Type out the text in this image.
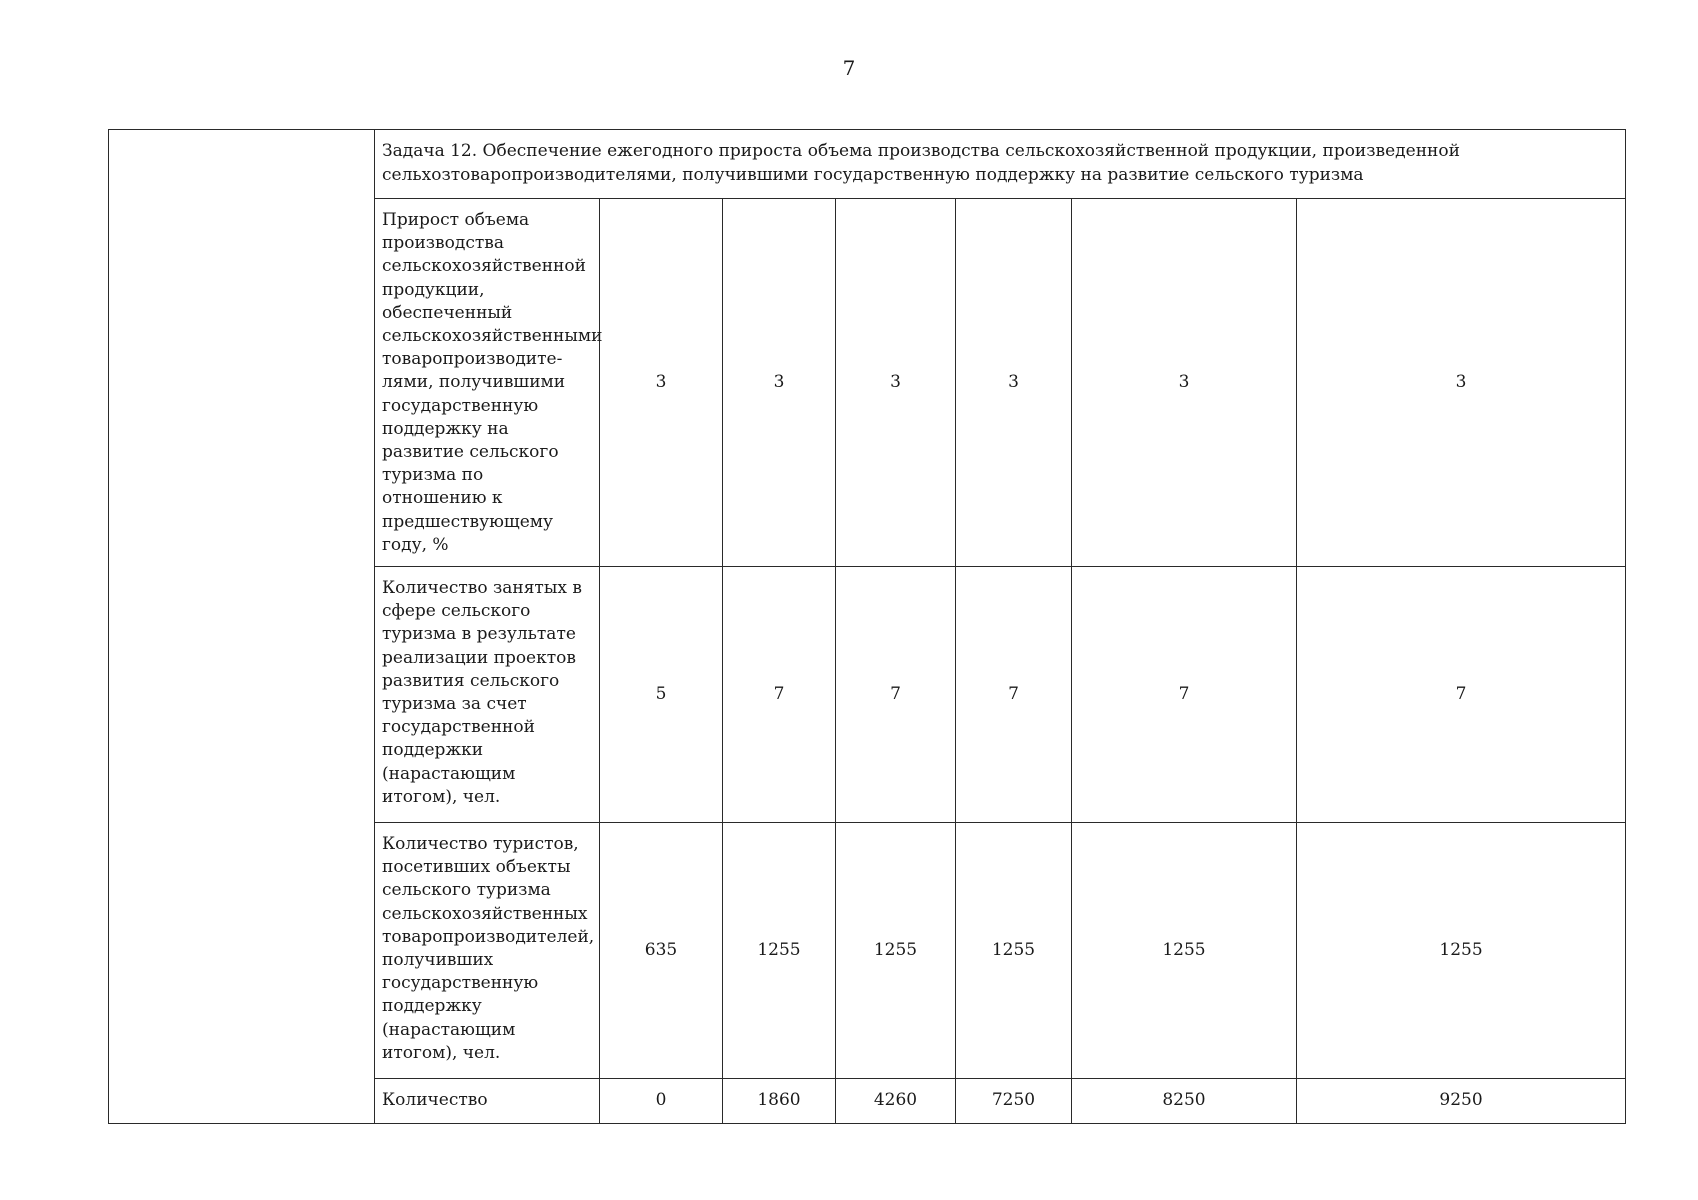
7
	Задача 12. Обеспечение ежегодного прироста объема производства сельскохозяйственной продукции, произведенной сельхозтоваропроизводителями, получившими государственную поддержку на развитие сельского туризма						
	Прирост объема производства сельскохозяйственной продукции, обеспеченный сельскохозяйственными товаропроизводите-лями, получившими государственную поддержку на развитие сельского туризма по отношению к предшествующему году, %	3	3	3	3	3	3
	Количество занятых в сфере сельского туризма в результате реализации проектов развития сельского туризма за счет государственной поддержки (нарастающим итогом), чел.	5	7	7	7	7	7
	Количество туристов, посетивших объекты сельского туризма сельскохозяйственных товаропроизводителей, получивших государственную поддержку (нарастающим итогом), чел.	635	1255	1255	1255	1255	1255
	Количество	0	1860	4260	7250	8250	9250
